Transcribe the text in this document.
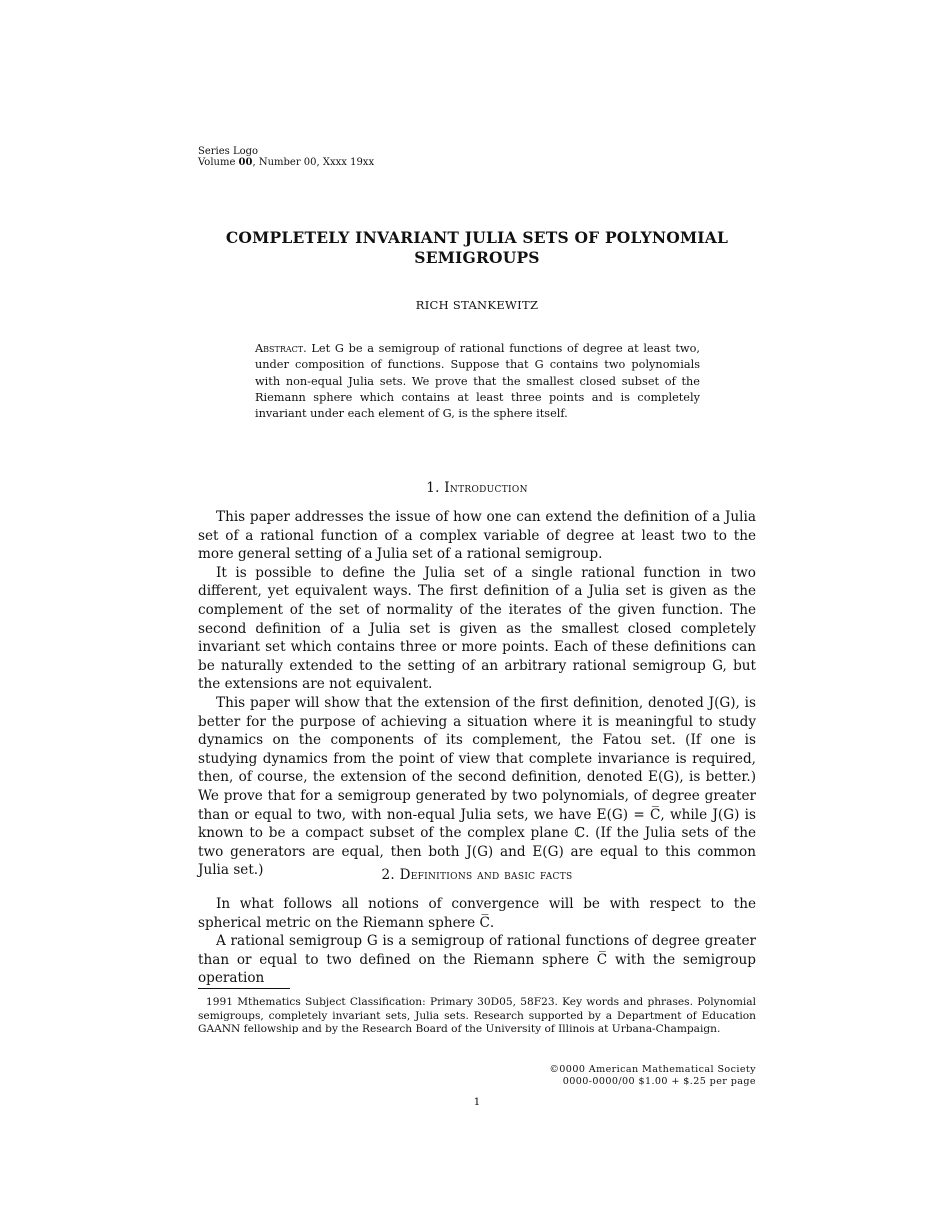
Series Logo
Volume 00, Number 00, Xxxx 19xx
COMPLETELY INVARIANT JULIA SETS OF POLYNOMIAL SEMIGROUPS
RICH STANKEWITZ
Abstract. Let G be a semigroup of rational functions of degree at least two, under composition of functions. Suppose that G contains two polynomials with non-equal Julia sets. We prove that the smallest closed subset of the Riemann sphere which contains at least three points and is completely invariant under each element of G, is the sphere itself.
1. Introduction

This paper addresses the issue of how one can extend the definition of a Julia set of a rational function of a complex variable of degree at least two to the more general setting of a Julia set of a rational semigroup.

It is possible to define the Julia set of a single rational function in two different, yet equivalent ways. The first definition of a Julia set is given as the complement of the set of normality of the iterates of the given function. The second definition of a Julia set is given as the smallest closed completely invariant set which contains three or more points. Each of these definitions can be naturally extended to the setting of an arbitrary rational semigroup G, but the extensions are not equivalent.

This paper will show that the extension of the first definition, denoted J(G), is better for the purpose of achieving a situation where it is meaningful to study dynamics on the components of its complement, the Fatou set. (If one is studying dynamics from the point of view that complete invariance is required, then, of course, the extension of the second definition, denoted E(G), is better.) We prove that for a semigroup generated by two polynomials, of degree greater than or equal to two, with non-equal Julia sets, we have E(G) = C̅, while J(G) is known to be a compact subset of the complex plane ℂ. (If the Julia sets of the two generators are equal, then both J(G) and E(G) are equal to this common Julia set.)	2. Definitions and basic facts

In what follows all notions of convergence will be with respect to the spherical metric on the Riemann sphere C̅.

A rational semigroup G is a semigroup of rational functions of degree greater than or equal to two defined on the Riemann sphere C̅ with the semigroup operation

1991 Mthematics Subject Classification: Primary 30D05, 58F23. Key words and phrases. Polynomial semigroups, completely invariant sets, Julia sets. Research supported by a Department of Education GAANN fellowship and by the Research Board of the University of Illinois at Urbana-Champaign.
©0000 American Mathematical Society
0000-0000/00 $1.00 + $.25 per page
1
